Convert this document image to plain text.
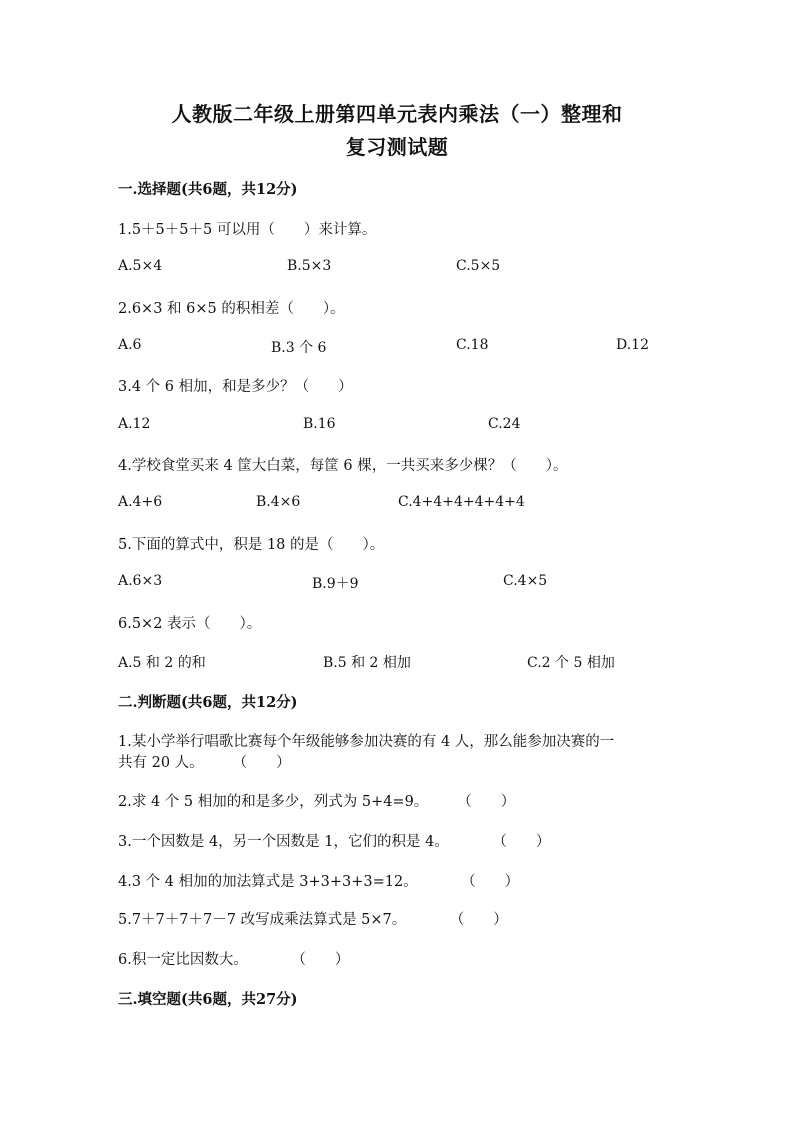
人教版二年级上册第四单元表内乘法（一）整理和
复习测试题
一.选择题(共6题，共12分)
1.5＋5＋5＋5 可以用（　　）来计算。
A.5×4	B.5×3	C.5×5
2.6×3 和 6×5 的积相差（　　）。
A.6	B.3 个 6	C.18	D.12
3.4 个 6 相加，和是多少？（　　）
A.12	B.16	C.24
4.学校食堂买来 4 筐大白菜，每筐 6 棵，一共买来多少棵？（　　）。
A.4+6	B.4×6	C.4+4+4+4+4+4
5.下面的算式中，积是 18 的是（　　）。
A.6×3	B.9＋9	C.4×5
6.5×2 表示（　　）。
A.5 和 2 的和	B.5 和 2 相加	C.2 个 5 相加
二.判断题(共6题，共12分)
1.某小学举行唱歌比赛每个年级能够参加决赛的有 4 人，那么能参加决赛的一
共有 20 人。　　　（　　）
2.求 4 个 5 相加的和是多少，列式为 5+4=9。　　　（　　）
3.一个因数是 4，另一个因数是 1，它们的积是 4。　　　　（　　）
4.3 个 4 相加的加法算式是 3+3+3+3=12。　　　　（　　）
5.7＋7＋7＋7－7 改写成乘法算式是 5×7。　　　　（　　）
6.积一定比因数大。　　　　（　　）
三.填空题(共6题，共27分)
